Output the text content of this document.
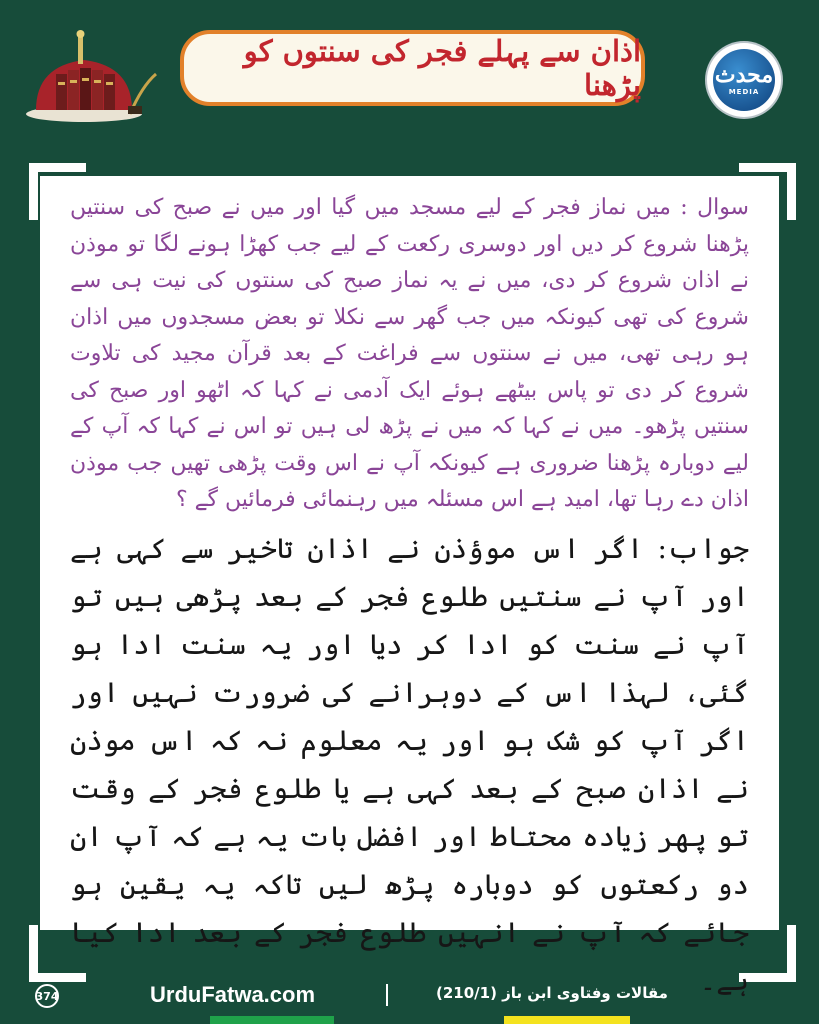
اذان سے پہلے فجر کی سنتوں کو پڑھنا	محدث
MEDIA

سوال : میں نماز فجر کے لیے مسجد میں گیا اور میں نے صبح کی سنتیں پڑھنا شروع کر دیں اور دوسری رکعت کے لیے جب کھڑا ہونے لگا تو موذن نے اذان شروع کر دی، میں نے یہ نماز صبح کی سنتوں کی نیت ہی سے شروع کی تھی کیونکہ میں جب گھر سے نکلا تو بعض مسجدوں میں اذان ہو رہی تھی، میں نے سنتوں سے فراغت کے بعد قرآن مجید کی تلاوت شروع کر دی تو پاس بیٹھے ہوئے ایک آدمی نے کہا کہ اٹھو اور صبح کی سنتیں پڑھو۔ میں نے کہا کہ میں نے پڑھ لی ہیں تو اس نے کہا کہ آپ کے لیے دوبارہ پڑھنا ضروری ہے کیونکہ آپ نے اس وقت پڑھی تھیں جب موذن اذان دے رہا تھا، امید ہے اس مسئلہ میں رہنمائی فرمائیں گے ؟

جواب: اگر اس موؤذن نے اذان تاخیر سے کہی ہے اور آپ نے سنتیں طلوع فجر کے بعد پڑھی ہیں تو آپ نے سنت کو ادا کر دیا اور یہ سنت ادا ہو گئی، لہذا اس کے دوہرانے کی ضرورت نہیں اور اگر آپ کو شک ہو اور یہ معلوم نہ کہ اس موذن نے اذان صبح کے بعد کہی ہے یا طلوع فجر کے وقت تو پھر زیادہ محتاط اور افضل بات یہ ہے کہ آپ ان دو رکعتوں کو دوبارہ پڑھ لیں تاکہ یہ یقین ہو جائے کہ آپ نے انہیں طلوع فجر کے بعد ادا کیا ہے۔

374	UrduFatwa.com	مقالات وفتاوی ابن باز (210/1)
